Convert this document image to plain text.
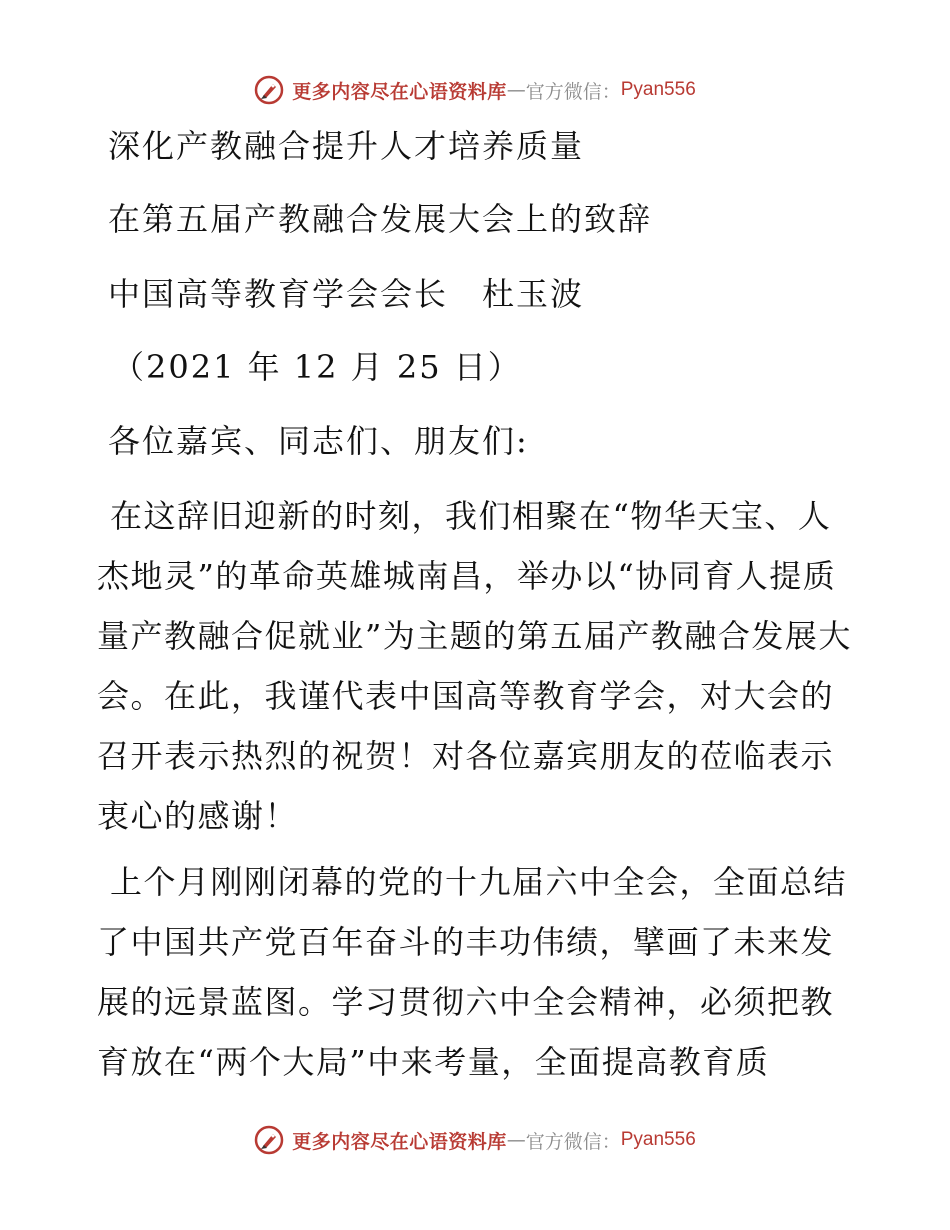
更多内容尽在心语资料库 — 官方微信： Pyan556
深化产教融合提升人才培养质量
在第五届产教融合发展大会上的致辞
中国高等教育学会会长　杜玉波
（2021 年 12 月 25 日）
各位嘉宾、同志们、朋友们:
在这辞旧迎新的时刻，我们相聚在“物华天宝、人杰地灵”的革命英雄城南昌，举办以“协同育人提质量产教融合促就业”为主题的第五届产教融合发展大会。在此，我谨代表中国高等教育学会，对大会的召开表示热烈的祝贺！对各位嘉宾朋友的莅临表示衷心的感谢！
上个月刚刚闭幕的党的十九届六中全会，全面总结了中国共产党百年奋斗的丰功伟绩，擘画了未来发展的远景蓝图。学习贯彻六中全会精神，必须把教育放在“两个大局”中来考量，全面提高教育质
更多内容尽在心语资料库 — 官方微信： Pyan556
